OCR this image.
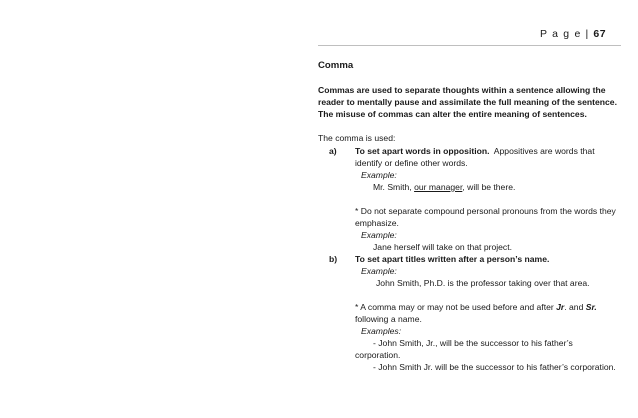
P a g e | 67
Comma
Commas are used to separate thoughts within a sentence allowing the reader to mentally pause and assimilate the full meaning of the sentence. The misuse of commas can alter the entire meaning of sentences.
The comma is used:
a) To set apart words in opposition. Appositives are words that identify or define other words.
Example:
Mr. Smith, our manager, will be there.
* Do not separate compound personal pronouns from the words they emphasize.
Example:
Jane herself will take on that project.
b) To set apart titles written after a person’s name.
Example:
John Smith, Ph.D. is the professor taking over that area.
* A comma may or may not be used before and after Jr. and Sr. following a name.
Examples:
- John Smith, Jr., will be the successor to his father’s corporation.
- John Smith Jr. will be the successor to his father’s corporation.
